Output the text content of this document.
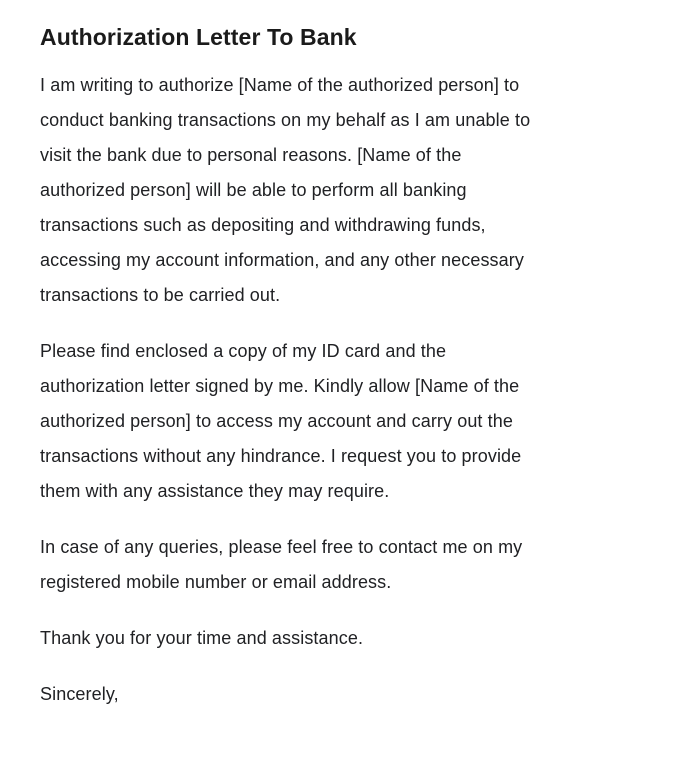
Authorization Letter To Bank

I am writing to authorize [Name of the authorized person] to
conduct banking transactions on my behalf as I am unable to
visit the bank due to personal reasons. [Name of the
authorized person] will be able to perform all banking
transactions such as depositing and withdrawing funds,
accessing my account information, and any other necessary
transactions to be carried out.

Please find enclosed a copy of my ID card and the
authorization letter signed by me. Kindly allow [Name of the
authorized person] to access my account and carry out the
transactions without any hindrance. I request you to provide
them with any assistance they may require.

In case of any queries, please feel free to contact me on my
registered mobile number or email address.

Thank you for your time and assistance.

Sincerely,
